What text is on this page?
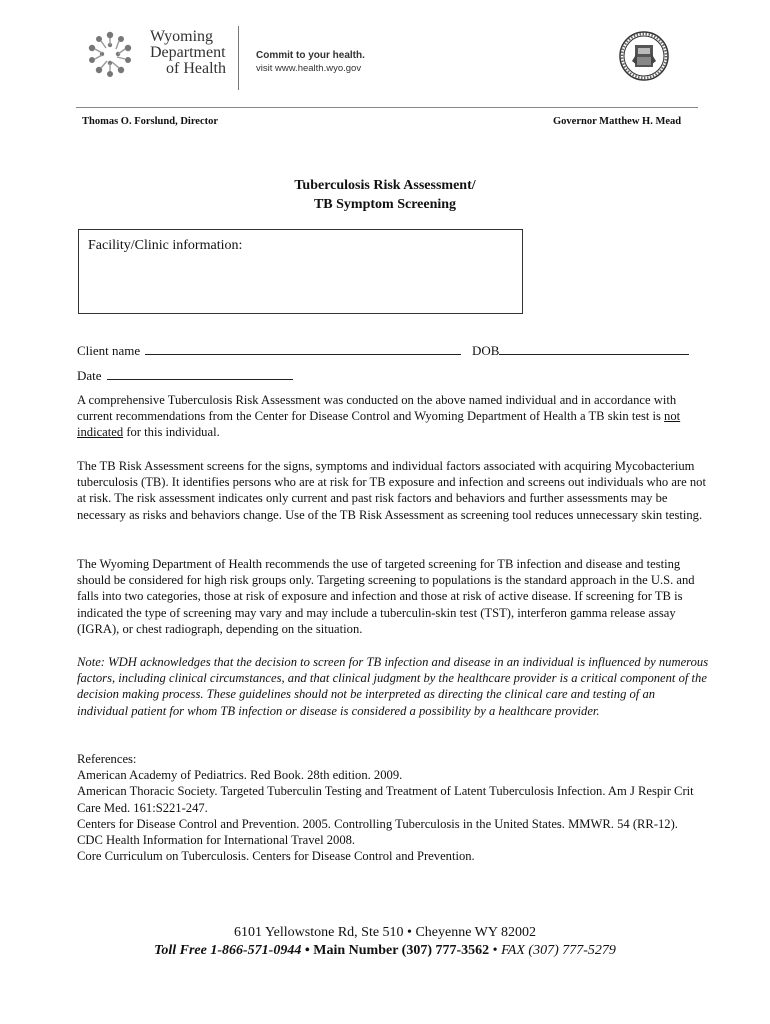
Wyoming
Department
of Health
Commit to your health.
visit www.health.wyo.gov
Thomas O. Forslund, Director	Governor Matthew H. Mead
Tuberculosis Risk Assessment/
TB Symptom Screening
Facility/Clinic information:
Client name	DOB
Date
A comprehensive Tuberculosis Risk Assessment was conducted on the above named individual and in accordance with current recommendations from the Center for Disease Control and Wyoming Department of Health a TB skin test is not indicated for this individual.
The TB Risk Assessment screens for the signs, symptoms and individual factors associated with acquiring Mycobacterium tuberculosis (TB). It identifies persons who are at risk for TB exposure and infection and screens out individuals who are not at risk. The risk assessment indicates only current and past risk factors and behaviors and further assessments may be necessary as risks and behaviors change. Use of the TB Risk Assessment as screening tool reduces unnecessary skin testing.
The Wyoming Department of Health recommends the use of targeted screening for TB infection and disease and testing should be considered for high risk groups only. Targeting screening to populations is the standard approach in the U.S. and falls into two categories, those at risk of exposure and infection and those at risk of active disease. If screening for TB is indicated the type of screening may vary and may include a tuberculin-skin test (TST), interferon gamma release assay (IGRA), or chest radiograph, depending on the situation.
Note: WDH acknowledges that the decision to screen for TB infection and disease in an individual is influenced by numerous factors, including clinical circumstances, and that clinical judgment by the healthcare provider is a critical component of the decision making process. These guidelines should not be interpreted as directing the clinical care and testing of an individual patient for whom TB infection or disease is considered a possibility by a healthcare provider.
References:
American Academy of Pediatrics. Red Book. 28th edition. 2009.
American Thoracic Society. Targeted Tuberculin Testing and Treatment of Latent Tuberculosis Infection. Am J Respir Crit Care Med. 161:S221-247.
Centers for Disease Control and Prevention. 2005. Controlling Tuberculosis in the United States. MMWR. 54 (RR-12).
CDC Health Information for International Travel 2008.
Core Curriculum on Tuberculosis. Centers for Disease Control and Prevention.
6101 Yellowstone Rd, Ste 510 • Cheyenne WY 82002
Toll Free 1-866-571-0944 • Main Number (307) 777-3562 • FAX (307) 777-5279
